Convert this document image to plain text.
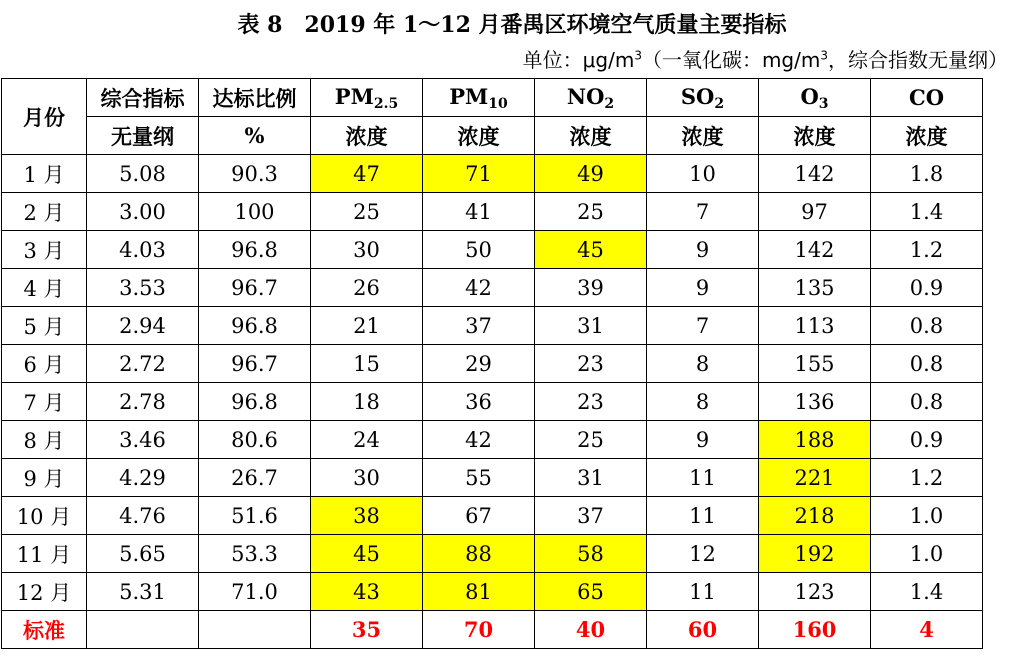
表 8　2019 年 1～12 月番禺区环境空气质量主要指标
单位：$\mu g/m^3$（一氧化碳：$mg/m^3$，综合指数无量纲）
月份	综合指标	达标比例	$PM_{2.5}$	$PM_{10}$	$NO_2$	$SO_2$	$O_3$	CO
	无量纲	%	浓度	浓度	浓度	浓度	浓度	浓度
1 月	5.08	90.3	47	71	49	10	142	1.8
2 月	3.00	100	25	41	25	7	97	1.4
3 月	4.03	96.8	30	50	45	9	142	1.2
4 月	3.53	96.7	26	42	39	9	135	0.9
5 月	2.94	96.8	21	37	31	7	113	0.8
6 月	2.72	96.7	15	29	23	8	155	0.8
7 月	2.78	96.8	18	36	23	8	136	0.8
8 月	3.46	80.6	24	42	25	9	188	0.9
9 月	4.29	26.7	30	55	31	11	221	1.2
10 月	4.76	51.6	38	67	37	11	218	1.0
11 月	5.65	53.3	45	88	58	12	192	1.0
12 月	5.31	71.0	43	81	65	11	123	1.4
标准			35	70	40	60	160	4
